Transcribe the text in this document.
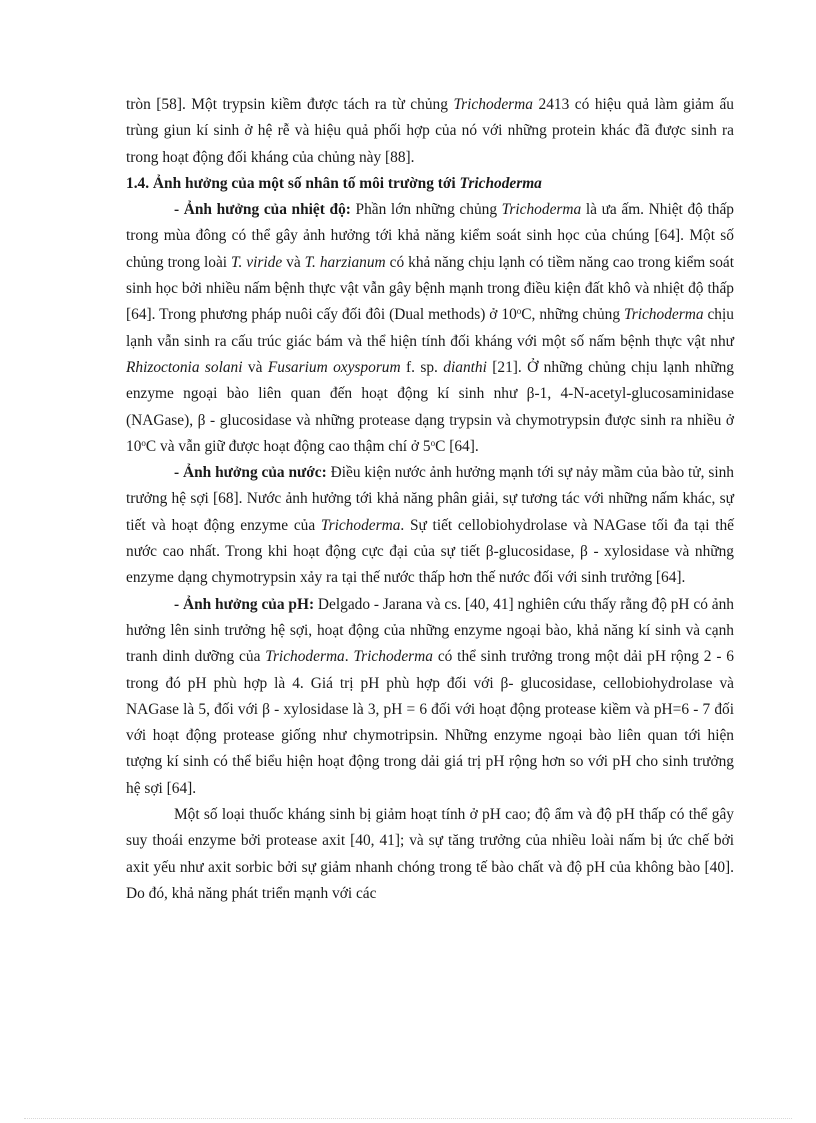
tròn [58]. Một trypsin kiềm được tách ra từ chủng Trichoderma 2413 có hiệu quả làm giảm ấu trùng giun kí sinh ở hệ rễ và hiệu quả phối hợp của nó với những protein khác đã được sinh ra trong hoạt động đối kháng của chủng này [88].

1.4. Ảnh hưởng của một số nhân tố môi trường tới Trichoderma

- Ảnh hưởng của nhiệt độ: Phần lớn những chủng Trichoderma là ưa ấm. Nhiệt độ thấp trong mùa đông có thể gây ảnh hưởng tới khả năng kiểm soát sinh học của chúng [64]. Một số chủng trong loài T. viride và T. harzianum có khả năng chịu lạnh có tiềm năng cao trong kiểm soát sinh học bởi nhiều nấm bệnh thực vật vẫn gây bệnh mạnh trong điều kiện đất khô và nhiệt độ thấp [64]. Trong phương pháp nuôi cấy đối đôi (Dual methods) ở 10$^o$C, những chủng Trichoderma chịu lạnh vẫn sinh ra cấu trúc giác bám và thể hiện tính đối kháng với một số nấm bệnh thực vật như Rhizoctonia solani và Fusarium oxysporum f. sp. dianthi [21]. Ở những chủng chịu lạnh những enzyme ngoại bào liên quan đến hoạt động kí sinh như β-1, 4-N-acetyl-glucosaminidase (NAGase), β - glucosidase và những protease dạng trypsin và chymotrypsin được sinh ra nhiều ở 10$^o$C và vẫn giữ được hoạt động cao thậm chí ở 5$^o$C [64].

- Ảnh hưởng của nước: Điều kiện nước ảnh hưởng mạnh tới sự nảy mầm của bào tử, sinh trưởng hệ sợi [68]. Nước ảnh hưởng tới khả năng phân giải, sự tương tác với những nấm khác, sự tiết và hoạt động enzyme của Trichoderma. Sự tiết cellobiohydrolase và NAGase tối đa tại thế nước cao nhất. Trong khi hoạt động cực đại của sự tiết β-glucosidase, β - xylosidase và những enzyme dạng chymotrypsin xảy ra tại thế nước thấp hơn thế nước đối với sinh trưởng [64].

- Ảnh hưởng của pH: Delgado - Jarana và cs. [40, 41] nghiên cứu thấy rằng độ pH có ảnh hưởng lên sinh trưởng hệ sợi, hoạt động của những enzyme ngoại bào, khả năng kí sinh và cạnh tranh dinh dưỡng của Trichoderma. Trichoderma có thể sinh trưởng trong một dải pH rộng 2 - 6 trong đó pH phù hợp là 4. Giá trị pH phù hợp đối với β- glucosidase, cellobiohydrolase và NAGase là 5, đối với β - xylosidase là 3, pH = 6 đối với hoạt động protease kiềm và pH=6 - 7 đối với hoạt động protease giống như chymotripsin. Những enzyme ngoại bào liên quan tới hiện tượng kí sinh có thể biểu hiện hoạt động trong dải giá trị pH rộng hơn so với pH cho sinh trưởng hệ sợi [64].

Một số loại thuốc kháng sinh bị giảm hoạt tính ở pH cao; độ ẩm và độ pH thấp có thể gây suy thoái enzyme bởi protease axit [40, 41]; và sự tăng trưởng của nhiều loài nấm bị ức chế bởi axit yếu như axit sorbic bởi sự giảm nhanh chóng trong tế bào chất và độ pH của không bào [40]. Do đó, khả năng phát triển mạnh với các
